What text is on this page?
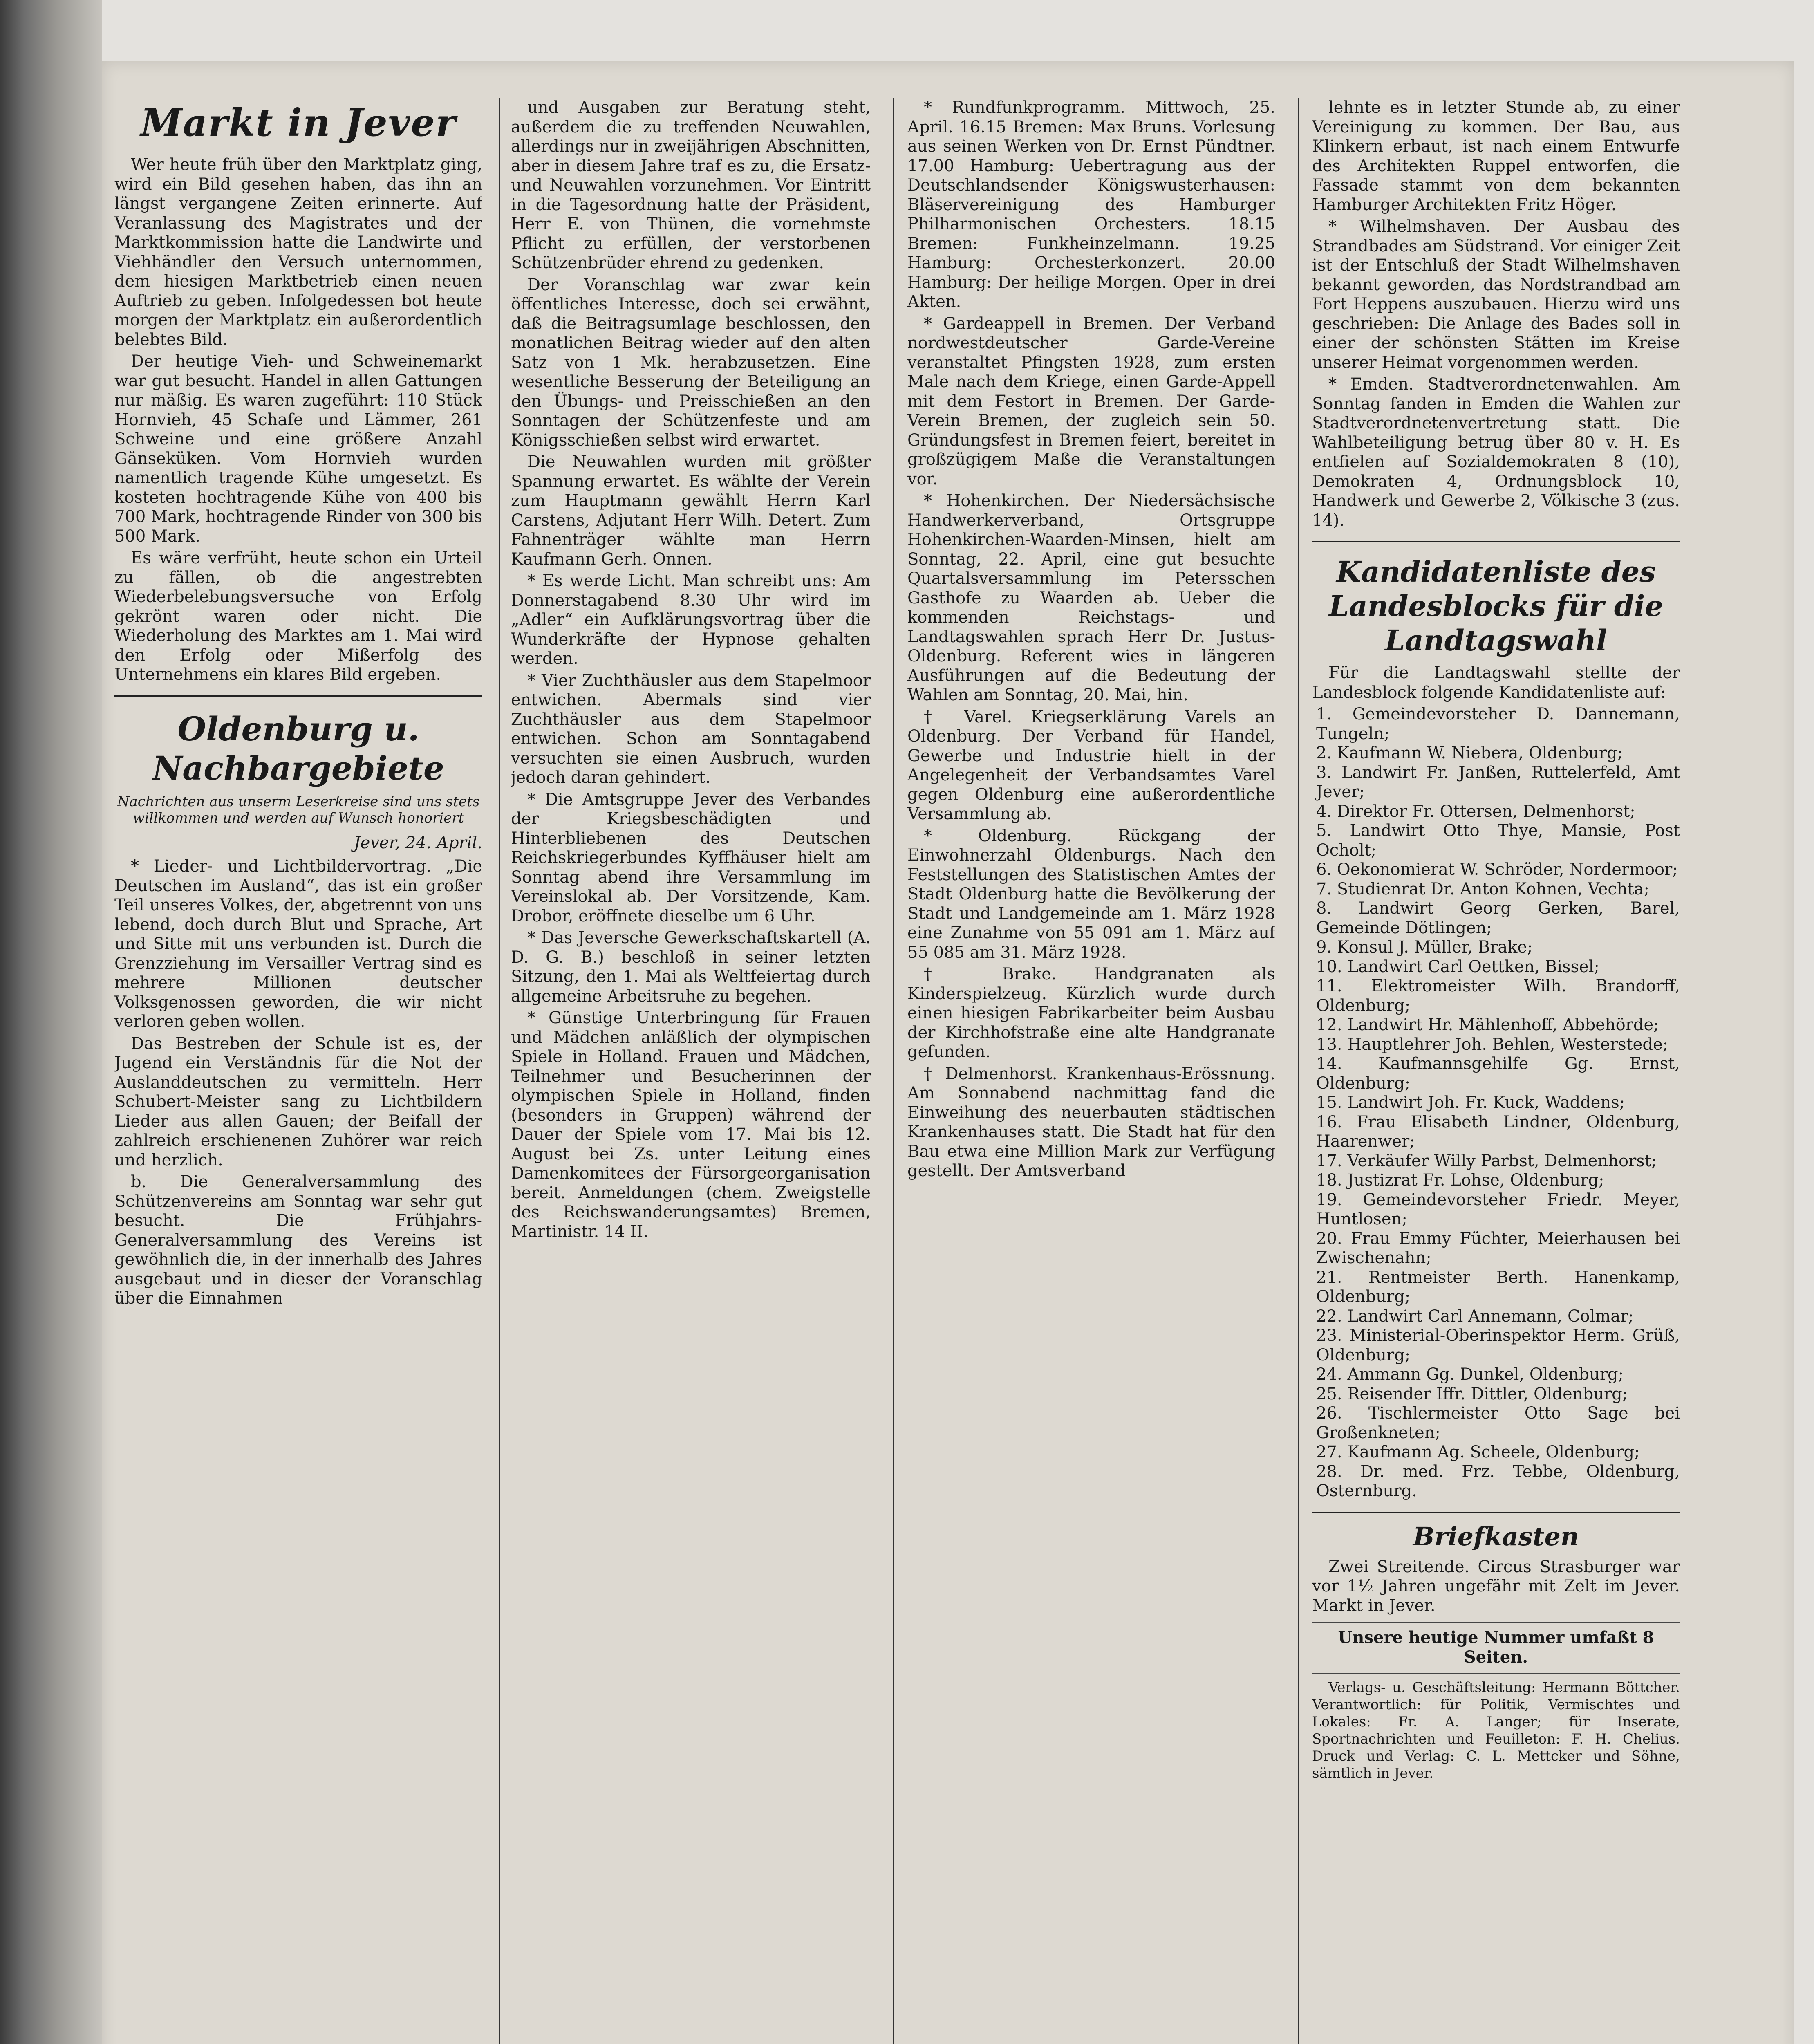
Markt in Jever

Wer heute früh über den Marktplatz ging, wird ein Bild gesehen haben, das ihn an längst vergangene Zeiten erinnerte. Auf Veranlassung des Magistrates und der Marktkommission hatte die Landwirte und Viehhändler den Versuch unternommen, dem hiesigen Marktbetrieb einen neuen Auftrieb zu geben. Infolgedessen bot heute morgen der Marktplatz ein außerordentlich belebtes Bild.

Der heutige Vieh- und Schweinemarkt war gut besucht. Handel in allen Gattungen nur mäßig. Es waren zugeführt: 110 Stück Hornvieh, 45 Schafe und Lämmer, 261 Schweine und eine größere Anzahl Gänseküken. Vom Hornvieh wurden namentlich tragende Kühe umgesetzt. Es kosteten hochtragende Kühe von 400 bis 700 Mark, hochtragende Rinder von 300 bis 500 Mark.

Es wäre verfrüht, heute schon ein Urteil zu fällen, ob die angestrebten Wiederbelebungsversuche von Erfolg gekrönt waren oder nicht. Die Wiederholung des Marktes am 1. Mai wird den Erfolg oder Mißerfolg des Unternehmens ein klares Bild ergeben.

Oldenburg u. Nachbargebiete
Nachrichten aus unserm Leserkreise sind uns stets willkommen und werden auf Wunsch honoriert
Jever, 24. April.

* Lieder- und Lichtbildervortrag. „Die Deutschen im Ausland“, das ist ein großer Teil unseres Volkes, der, abgetrennt von uns lebend, doch durch Blut und Sprache, Art und Sitte mit uns verbunden ist. Durch die Grenzziehung im Versailler Vertrag sind es mehrere Millionen deutscher Volksgenossen geworden, die wir nicht verloren geben wollen.

Das Bestreben der Schule ist es, der Jugend ein Verständnis für die Not der Auslanddeutschen zu vermitteln. Herr Schubert-Meister sang zu Lichtbildern Lieder aus allen Gauen; der Beifall der zahlreich erschienenen Zuhörer war reich und herzlich.

b. Die Generalversammlung des Schützenvereins am Sonntag war sehr gut besucht. Die Frühjahrs-Generalversammlung des Vereins ist gewöhnlich die, in der innerhalb des Jahres ausgebaut und in dieser der Voranschlag über die Einnahmen

und Ausgaben zur Beratung steht, außerdem die zu treffenden Neuwahlen, allerdings nur in zweijährigen Abschnitten, aber in diesem Jahre traf es zu, die Ersatz- und Neuwahlen vorzunehmen. Vor Eintritt in die Tagesordnung hatte der Präsident, Herr E. von Thünen, die vornehmste Pflicht zu erfüllen, der verstorbenen Schützenbrüder ehrend zu gedenken.

Der Voranschlag war zwar kein öffentliches Interesse, doch sei erwähnt, daß die Beitragsumlage beschlossen, den monatlichen Beitrag wieder auf den alten Satz von 1 Mk. herabzusetzen. Eine wesentliche Besserung der Beteiligung an den Übungs- und Preisschießen an den Sonntagen der Schützenfeste und am Königsschießen selbst wird erwartet.

Die Neuwahlen wurden mit größter Spannung erwartet. Es wählte der Verein zum Hauptmann gewählt Herrn Karl Carstens, Adjutant Herr Wilh. Detert. Zum Fahnenträger wählte man Herrn Kaufmann Gerh. Onnen.

* Es werde Licht. Man schreibt uns: Am Donnerstagabend 8.30 Uhr wird im „Adler“ ein Aufklärungsvortrag über die Wunderkräfte der Hypnose gehalten werden.

* Vier Zuchthäusler aus dem Stapelmoor entwichen. Abermals sind vier Zuchthäusler aus dem Stapelmoor entwichen. Schon am Sonntagabend versuchten sie einen Ausbruch, wurden jedoch daran gehindert.

* Die Amtsgruppe Jever des Verbandes der Kriegsbeschädigten und Hinterbliebenen des Deutschen Reichskriegerbundes Kyffhäuser hielt am Sonntag abend ihre Versammlung im Vereinslokal ab. Der Vorsitzende, Kam. Drobor, eröffnete dieselbe um 6 Uhr.

* Das Jeversche Gewerkschaftskartell (A. D. G. B.) beschloß in seiner letzten Sitzung, den 1. Mai als Weltfeiertag durch allgemeine Arbeitsruhe zu begehen.

* Günstige Unterbringung für Frauen und Mädchen anläßlich der olympischen Spiele in Holland. Frauen und Mädchen, Teilnehmer und Besucherinnen der olympischen Spiele in Holland, finden (besonders in Gruppen) während der Dauer der Spiele vom 17. Mai bis 12. August bei Zs. unter Leitung eines Damenkomitees der Fürsorgeorganisation bereit. Anmeldungen (chem. Zweigstelle des Reichswanderungsamtes) Bremen, Martinistr. 14 II.

* Rundfunkprogramm. Mittwoch, 25. April. 16.15 Bremen: Max Bruns. Vorlesung aus seinen Werken von Dr. Ernst Pündtner. 17.00 Hamburg: Uebertragung aus der Deutschlandsender Königswusterhausen: Bläservereinigung des Hamburger Philharmonischen Orchesters. 18.15 Bremen: Funkheinzelmann. 19.25 Hamburg: Orchesterkonzert. 20.00 Hamburg: Der heilige Morgen. Oper in drei Akten.

* Gardeappell in Bremen. Der Verband nordwestdeutscher Garde-Vereine veranstaltet Pfingsten 1928, zum ersten Male nach dem Kriege, einen Garde-Appell mit dem Festort in Bremen. Der Garde-Verein Bremen, der zugleich sein 50. Gründungsfest in Bremen feiert, bereitet in großzügigem Maße die Veranstaltungen vor.

* Hohenkirchen. Der Niedersächsische Handwerkerverband, Ortsgruppe Hohenkirchen-Waarden-Minsen, hielt am Sonntag, 22. April, eine gut besuchte Quartalsversammlung im Petersschen Gasthofe zu Waarden ab. Ueber die kommenden Reichstags- und Landtagswahlen sprach Herr Dr. Justus-Oldenburg. Referent wies in längeren Ausführungen auf die Bedeutung der Wahlen am Sonntag, 20. Mai, hin.

† Varel. Kriegserklärung Varels an Oldenburg. Der Verband für Handel, Gewerbe und Industrie hielt in der Angelegenheit der Verbandsamtes Varel gegen Oldenburg eine außerordentliche Versammlung ab.

* Oldenburg. Rückgang der Einwohnerzahl Oldenburgs. Nach den Feststellungen des Statistischen Amtes der Stadt Oldenburg hatte die Bevölkerung der Stadt und Landgemeinde am 1. März 1928 eine Zunahme von 55 091 am 1. März auf 55 085 am 31. März 1928.

† Brake. Handgranaten als Kinderspielzeug. Kürzlich wurde durch einen hiesigen Fabrikarbeiter beim Ausbau der Kirchhofstraße eine alte Handgranate gefunden.

† Delmenhorst. Krankenhaus-Erössnung. Am Sonnabend nachmittag fand die Einweihung des neuerbauten städtischen Krankenhauses statt. Die Stadt hat für den Bau etwa eine Million Mark zur Verfügung gestellt. Der Amtsverband

lehnte es in letzter Stunde ab, zu einer Vereinigung zu kommen. Der Bau, aus Klinkern erbaut, ist nach einem Entwurfe des Architekten Ruppel entworfen, die Fassade stammt von dem bekannten Hamburger Architekten Fritz Höger.

* Wilhelmshaven. Der Ausbau des Strandbades am Südstrand. Vor einiger Zeit ist der Entschluß der Stadt Wilhelmshaven bekannt geworden, das Nordstrandbad am Fort Heppens auszubauen. Hierzu wird uns geschrieben: Die Anlage des Bades soll in einer der schönsten Stätten im Kreise unserer Heimat vorgenommen werden.

* Emden. Stadtverordnetenwahlen. Am Sonntag fanden in Emden die Wahlen zur Stadtverordnetenvertretung statt. Die Wahlbeteiligung betrug über 80 v. H. Es entfielen auf Sozialdemokraten 8 (10), Demokraten 4, Ordnungsblock 10, Handwerk und Gewerbe 2, Völkische 3 (zus. 14).

Kandidatenliste des Landesblocks für die Landtagswahl

Für die Landtagswahl stellte der Landesblock folgende Kandidatenliste auf:

1. Gemeindevorsteher D. Dannemann, Tungeln;
2. Kaufmann W. Niebera, Oldenburg;
3. Landwirt Fr. Janßen, Ruttelerfeld, Amt Jever;
4. Direktor Fr. Ottersen, Delmenhorst;
5. Landwirt Otto Thye, Mansie, Post Ocholt;
6. Oekonomierat W. Schröder, Nordermoor;
7. Studienrat Dr. Anton Kohnen, Vechta;
8. Landwirt Georg Gerken, Barel, Gemeinde Dötlingen;
9. Konsul J. Müller, Brake;
10. Landwirt Carl Oettken, Bissel;
11. Elektromeister Wilh. Brandorff, Oldenburg;
12. Landwirt Hr. Mählenhoff, Abbehörde;
13. Hauptlehrer Joh. Behlen, Westerstede;
14. Kaufmannsgehilfe Gg. Ernst, Oldenburg;
15. Landwirt Joh. Fr. Kuck, Waddens;
16. Frau Elisabeth Lindner, Oldenburg, Haarenwer;
17. Verkäufer Willy Parbst, Delmenhorst;
18. Justizrat Fr. Lohse, Oldenburg;
19. Gemeindevorsteher Friedr. Meyer, Huntlosen;
20. Frau Emmy Füchter, Meierhausen bei Zwischenahn;
21. Rentmeister Berth. Hanenkamp, Oldenburg;
22. Landwirt Carl Annemann, Colmar;
23. Ministerial-Oberinspektor Herm. Grüß, Oldenburg;
24. Ammann Gg. Dunkel, Oldenburg;
25. Reisender Iffr. Dittler, Oldenburg;
26. Tischlermeister Otto Sage bei Großenkneten;
27. Kaufmann Ag. Scheele, Oldenburg;
28. Dr. med. Frz. Tebbe, Oldenburg, Osternburg.
Briefkasten

Zwei Streitende. Circus Strasburger war vor 1½ Jahren ungefähr mit Zelt im Jever. Markt in Jever.

Unsere heutige Nummer umfaßt 8 Seiten.

Verlags- u. Geschäftsleitung: Hermann Böttcher. Verantwortlich: für Politik, Vermischtes und Lokales: Fr. A. Langer; für Inserate, Sportnachrichten und Feuilleton: F. H. Chelius. Druck und Verlag: C. L. Mettcker und Söhne, sämtlich in Jever.
